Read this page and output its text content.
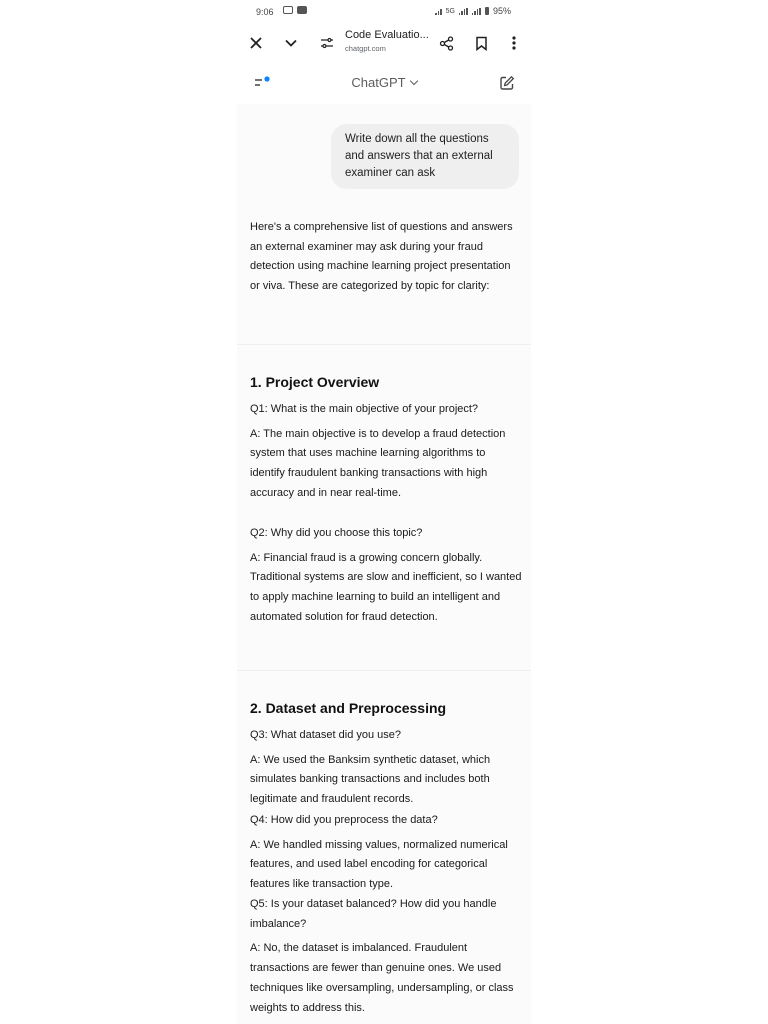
9:06	5G	95%
Code Evaluatio...
chatgpt.com
ChatGPT
Write down all the questions and answers that an external examiner can ask
Here's a comprehensive list of questions and answers an external examiner may ask during your fraud detection using machine learning project presentation or viva. These are categorized by topic for clarity:
1. Project Overview

Q1: What is the main objective of your project?

A: The main objective is to develop a fraud detection system that uses machine learning algorithms to identify fraudulent banking transactions with high accuracy and in near real-time.

Q2: Why did you choose this topic?

A: Financial fraud is a growing concern globally. Traditional systems are slow and inefficient, so I wanted to apply machine learning to build an intelligent and automated solution for fraud detection.

2. Dataset and Preprocessing

Q3: What dataset did you use?

A: We used the Banksim synthetic dataset, which simulates banking transactions and includes both legitimate and fraudulent records.

Q4: How did you preprocess the data?

A: We handled missing values, normalized numerical features, and used label encoding for categorical features like transaction type.

Q5: Is your dataset balanced? How did you handle imbalance?

A: No, the dataset is imbalanced. Fraudulent transactions are fewer than genuine ones. We used techniques like oversampling, undersampling, or class weights to address this.
